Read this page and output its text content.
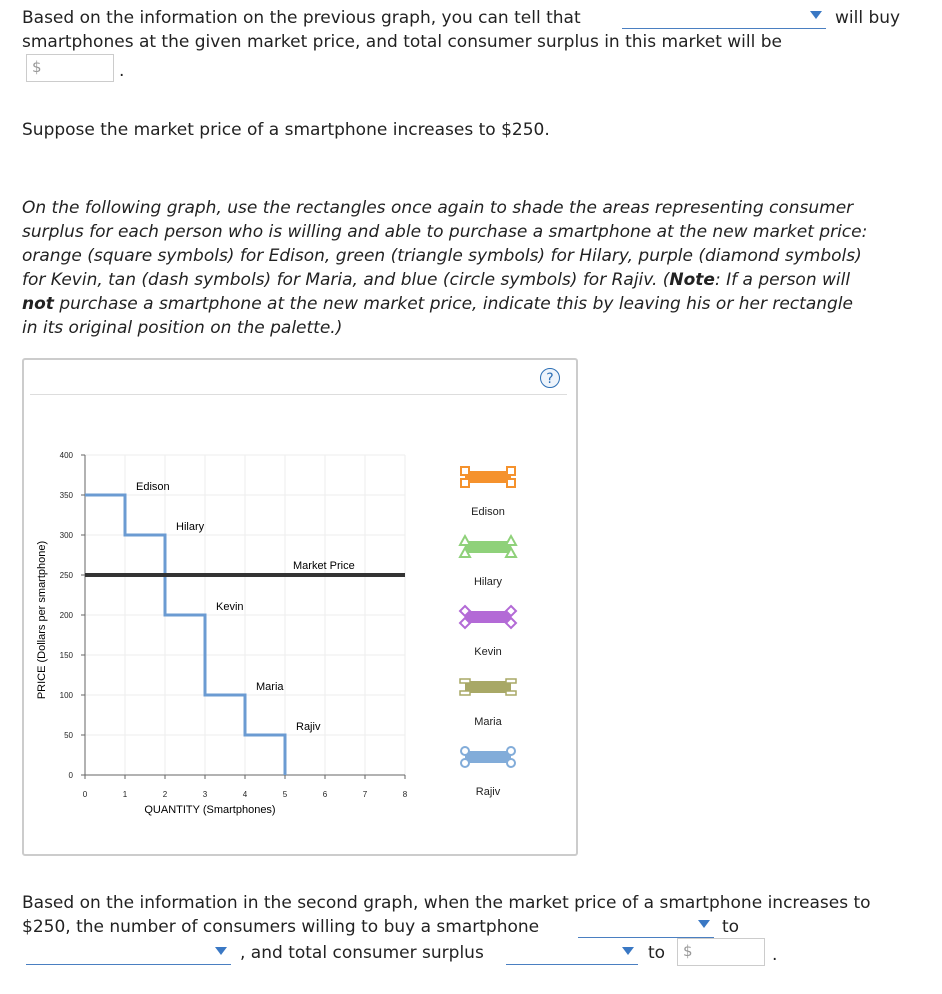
Based on the information on the previous graph, you can tell that	will buy
smartphones at the given market price, and total consumer surplus in this market will be
$	.
Suppose the market price of a smartphone increases to $250.
On the following graph, use the rectangles once again to shade the areas representing consumer
surplus for each person who is willing and able to purchase a smartphone at the new market price:
orange (square symbols) for Edison, green (triangle symbols) for Hilary, purple (diamond symbols)
for Kevin, tan (dash symbols) for Maria, and blue (circle symbols) for Rajiv. (Note: If a person will
not purchase a smartphone at the new market price, indicate this by leaving his or her rectangle
in its original position on the palette.)
?
0	1	2	3	4	5	6	7	8
0
50
100
150
200
250
300
350
400
Market Price
Edison
Hilary
Kevin
Maria
Rajiv
QUANTITY (Smartphones)
PRICE (Dollars per smartphone)
Edison
Hilary
Kevin
Maria
Rajiv
Based on the information in the second graph, when the market price of a smartphone increases to
$250, the number of consumers willing to buy a smartphone	to
, and total consumer surplus	to $	.
